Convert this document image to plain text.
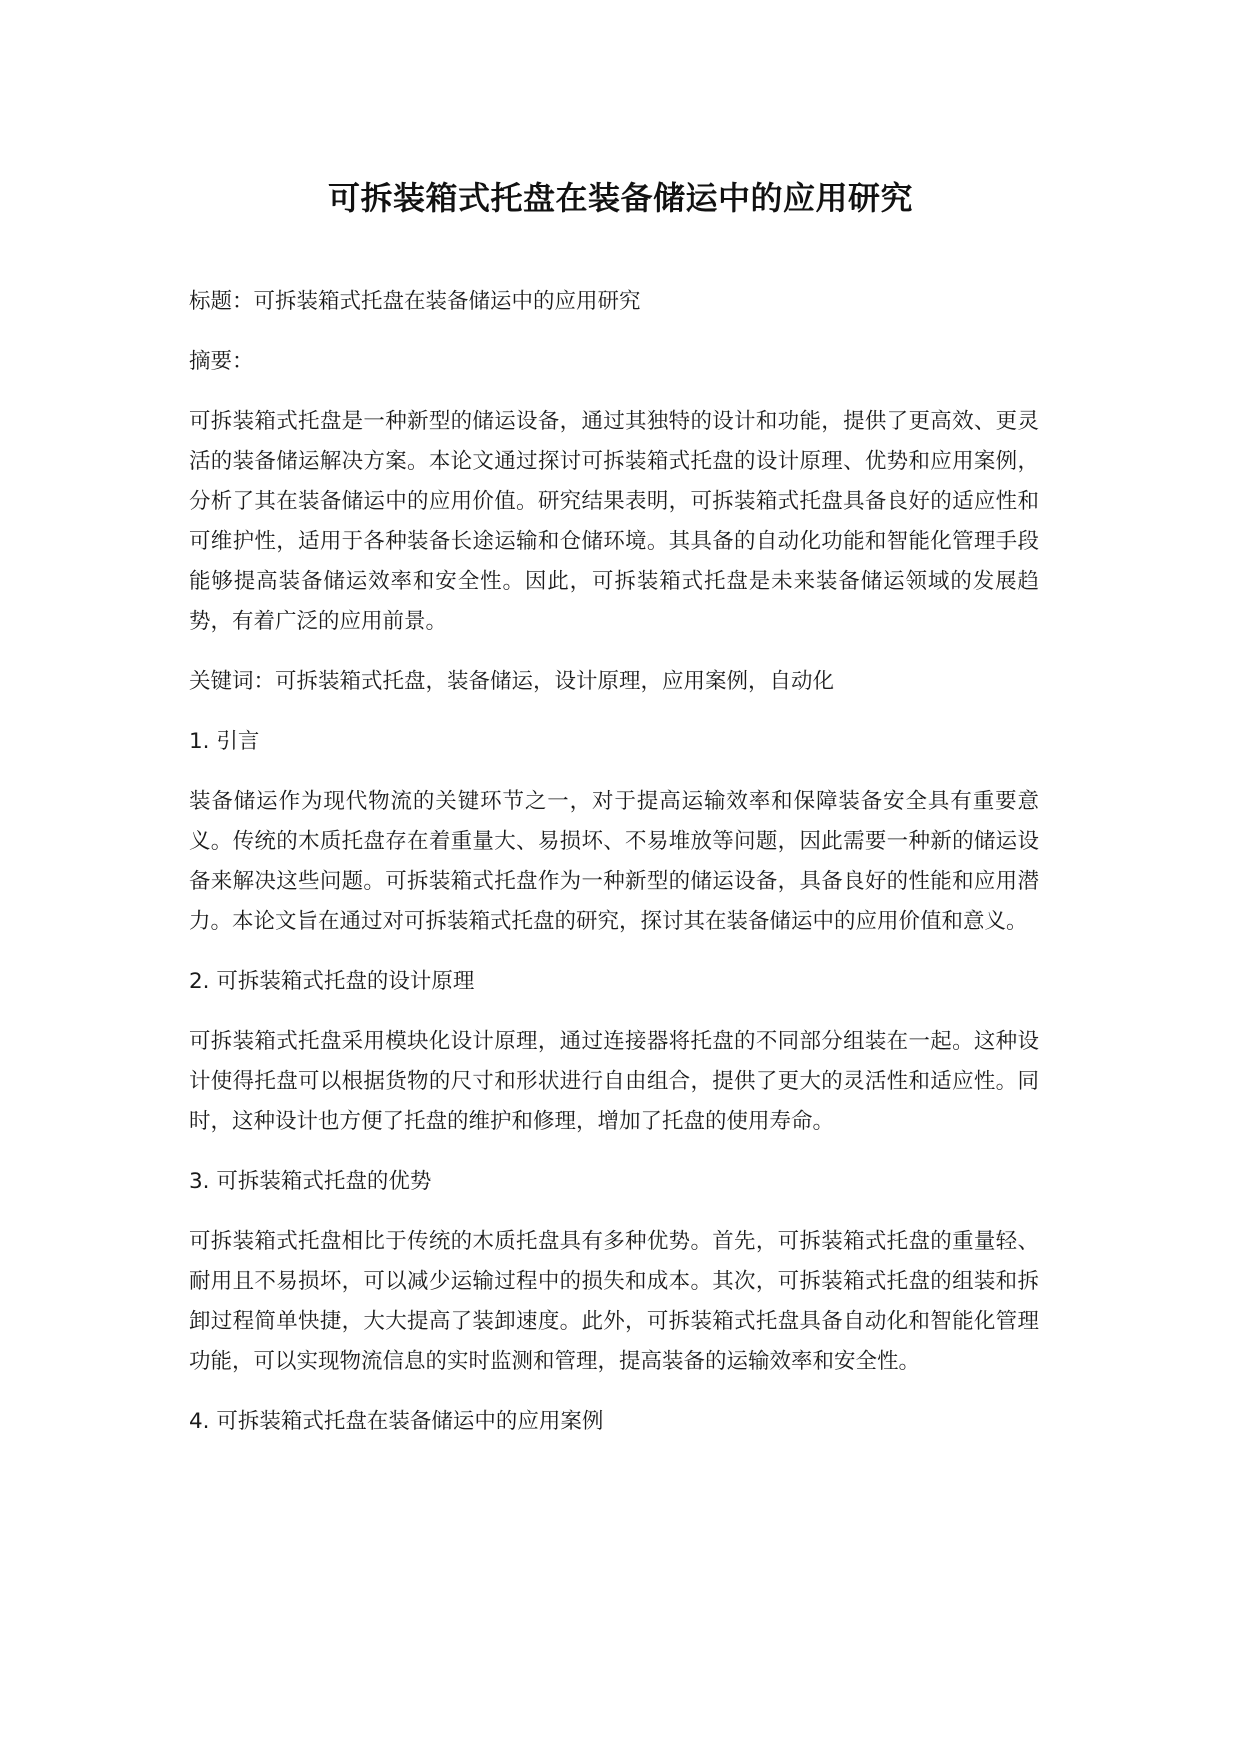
可拆装箱式托盘在装备储运中的应用研究

标题：可拆装箱式托盘在装备储运中的应用研究

摘要：

可拆装箱式托盘是一种新型的储运设备，通过其独特的设计和功能，提供了更高效、更灵活的装备储运解决方案。本论文通过探讨可拆装箱式托盘的设计原理、优势和应用案例，分析了其在装备储运中的应用价值。研究结果表明，可拆装箱式托盘具备良好的适应性和可维护性，适用于各种装备长途运输和仓储环境。其具备的自动化功能和智能化管理手段能够提高装备储运效率和安全性。因此，可拆装箱式托盘是未来装备储运领域的发展趋势，有着广泛的应用前景。

关键词：可拆装箱式托盘，装备储运，设计原理，应用案例，自动化

1. 引言

装备储运作为现代物流的关键环节之一，对于提高运输效率和保障装备安全具有重要意义。传统的木质托盘存在着重量大、易损坏、不易堆放等问题，因此需要一种新的储运设备来解决这些问题。可拆装箱式托盘作为一种新型的储运设备，具备良好的性能和应用潜力。本论文旨在通过对可拆装箱式托盘的研究，探讨其在装备储运中的应用价值和意义。

2. 可拆装箱式托盘的设计原理

可拆装箱式托盘采用模块化设计原理，通过连接器将托盘的不同部分组装在一起。这种设计使得托盘可以根据货物的尺寸和形状进行自由组合，提供了更大的灵活性和适应性。同时，这种设计也方便了托盘的维护和修理，增加了托盘的使用寿命。

3. 可拆装箱式托盘的优势

可拆装箱式托盘相比于传统的木质托盘具有多种优势。首先，可拆装箱式托盘的重量轻、耐用且不易损坏，可以减少运输过程中的损失和成本。其次，可拆装箱式托盘的组装和拆卸过程简单快捷，大大提高了装卸速度。此外，可拆装箱式托盘具备自动化和智能化管理功能，可以实现物流信息的实时监测和管理，提高装备的运输效率和安全性。

4. 可拆装箱式托盘在装备储运中的应用案例
